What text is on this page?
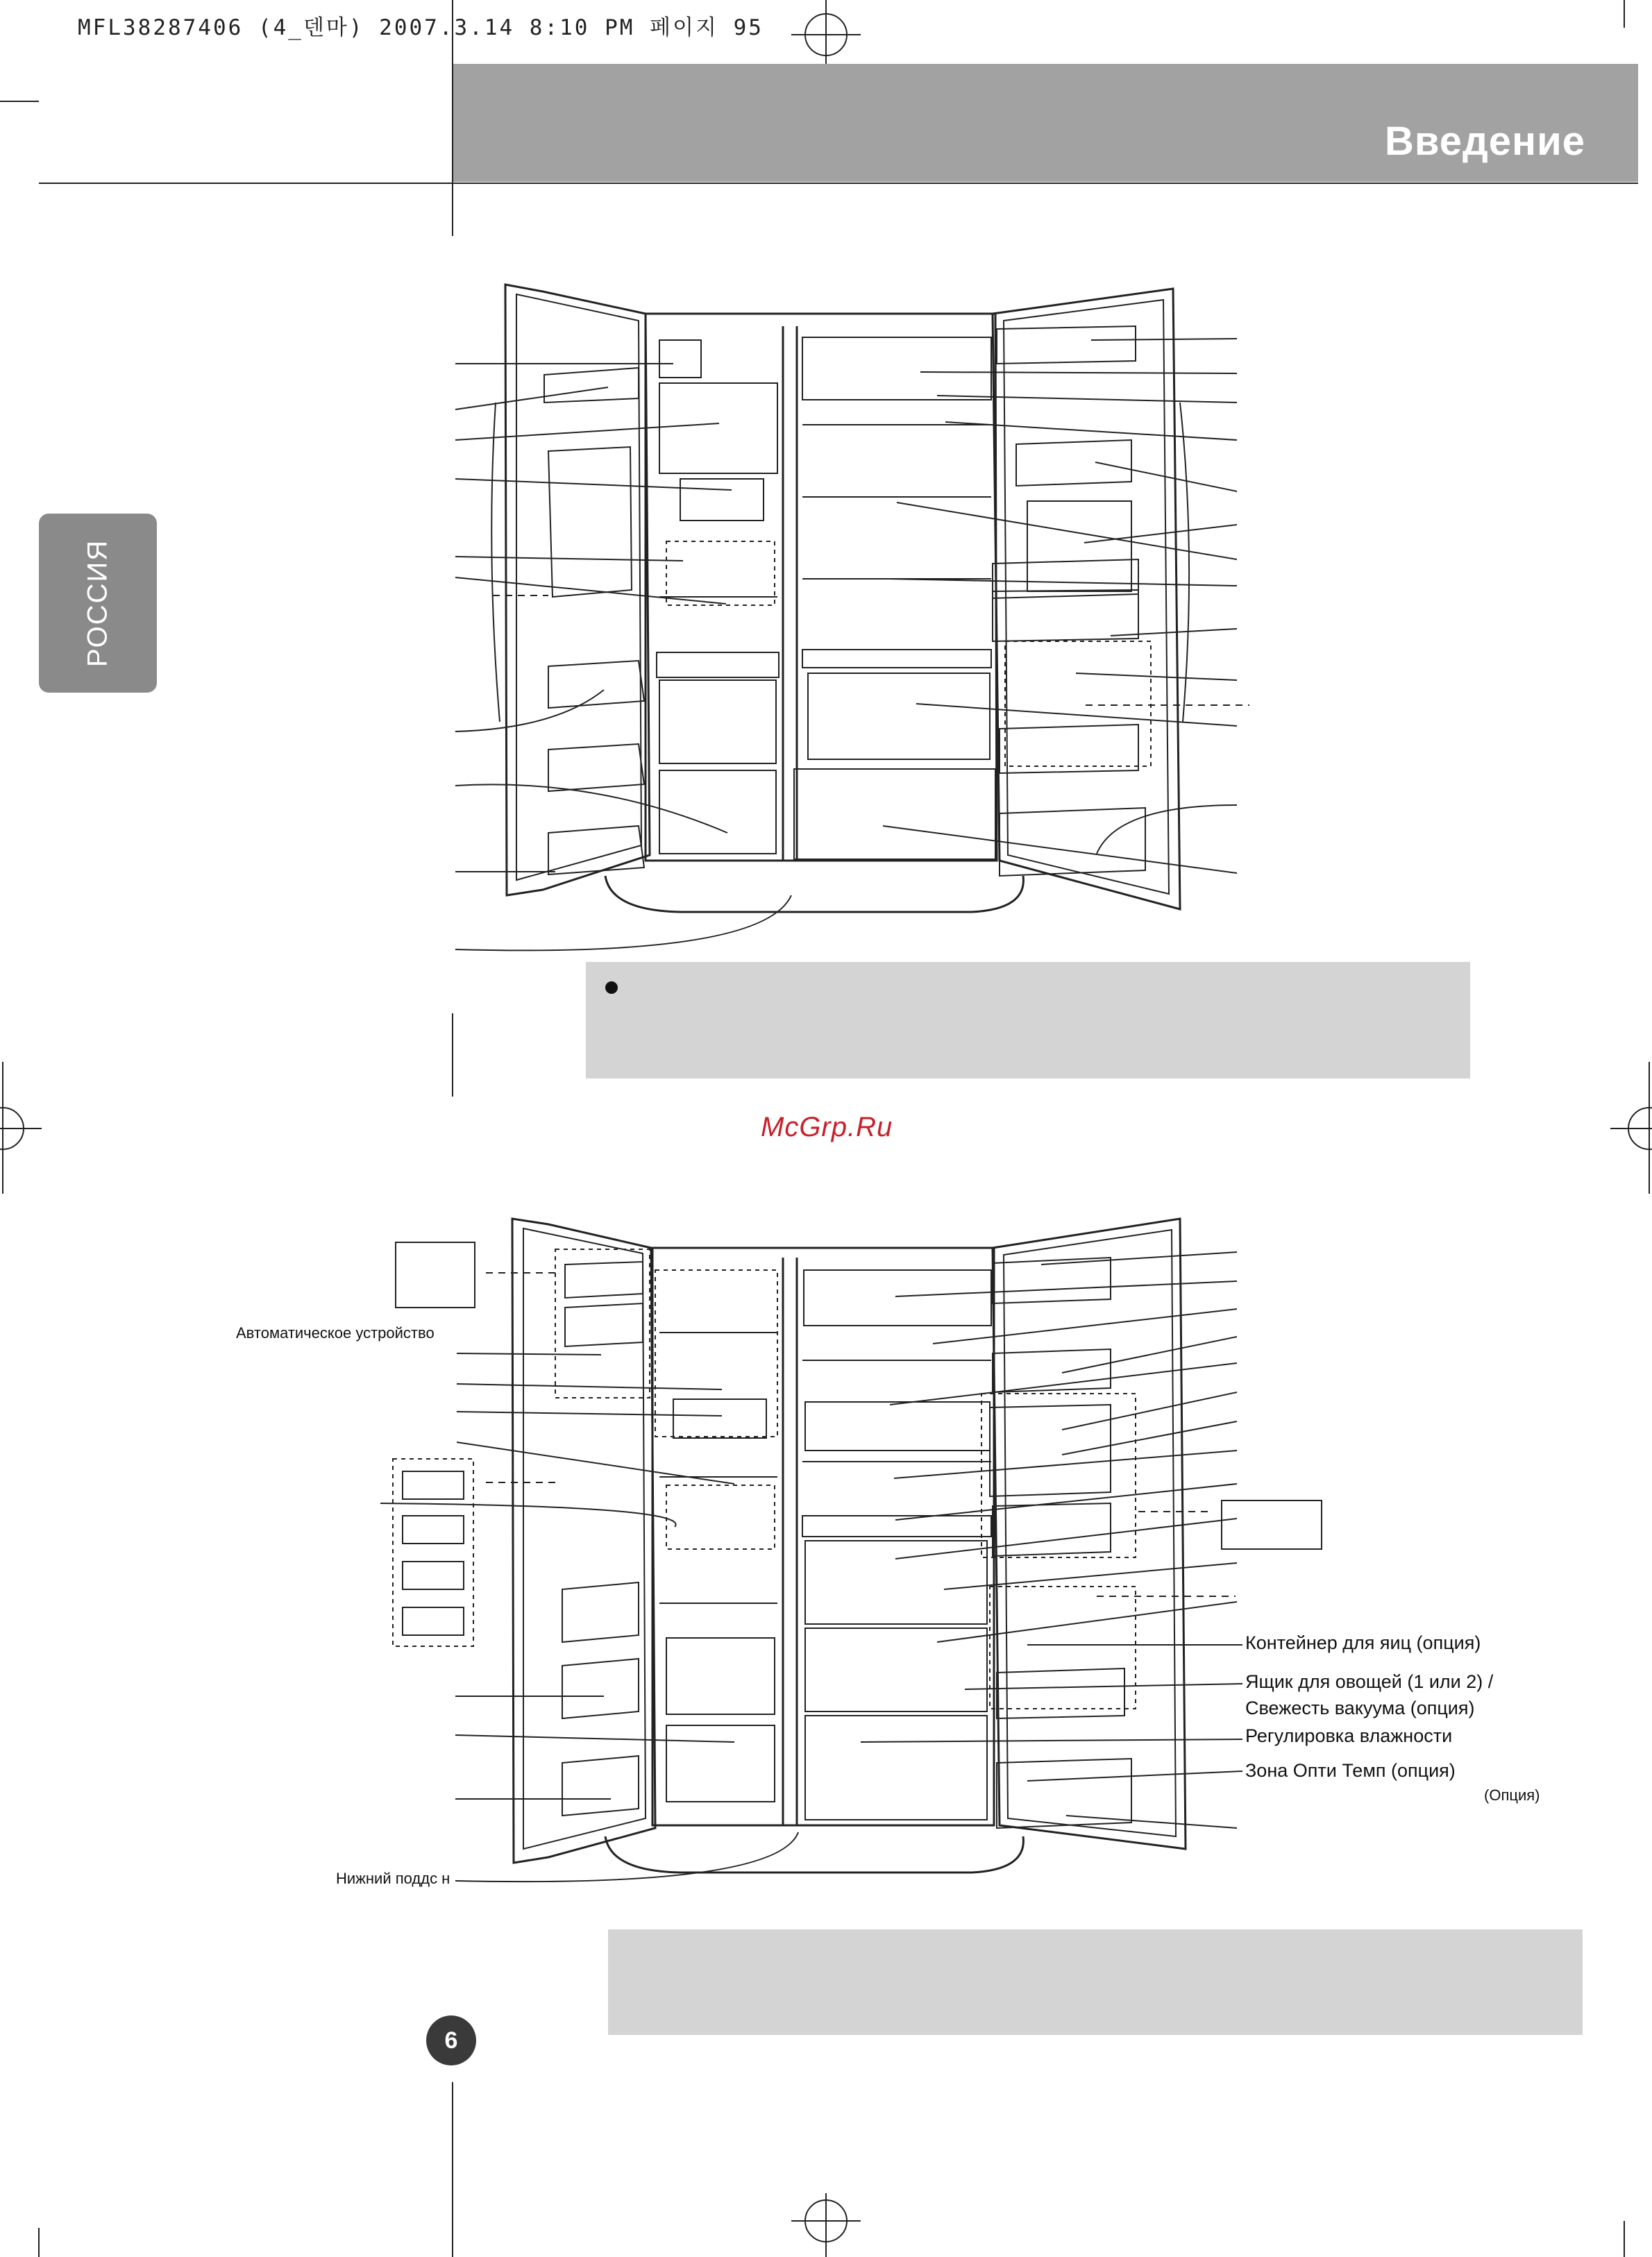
MFL38287406 (4_덴마) 2007.3.14 8:10 PM 페이지 95
Введение
РОССИЯ
McGrp.Ru
Автоматическое устройство
Контейнер для яиц (опция)
Ящик для овощей (1 или 2) /
Свежесть вакуума (опция)
Регулировка влажности
Зона Опти Темп (опция)
(Опция)
Нижний поддс н
6
